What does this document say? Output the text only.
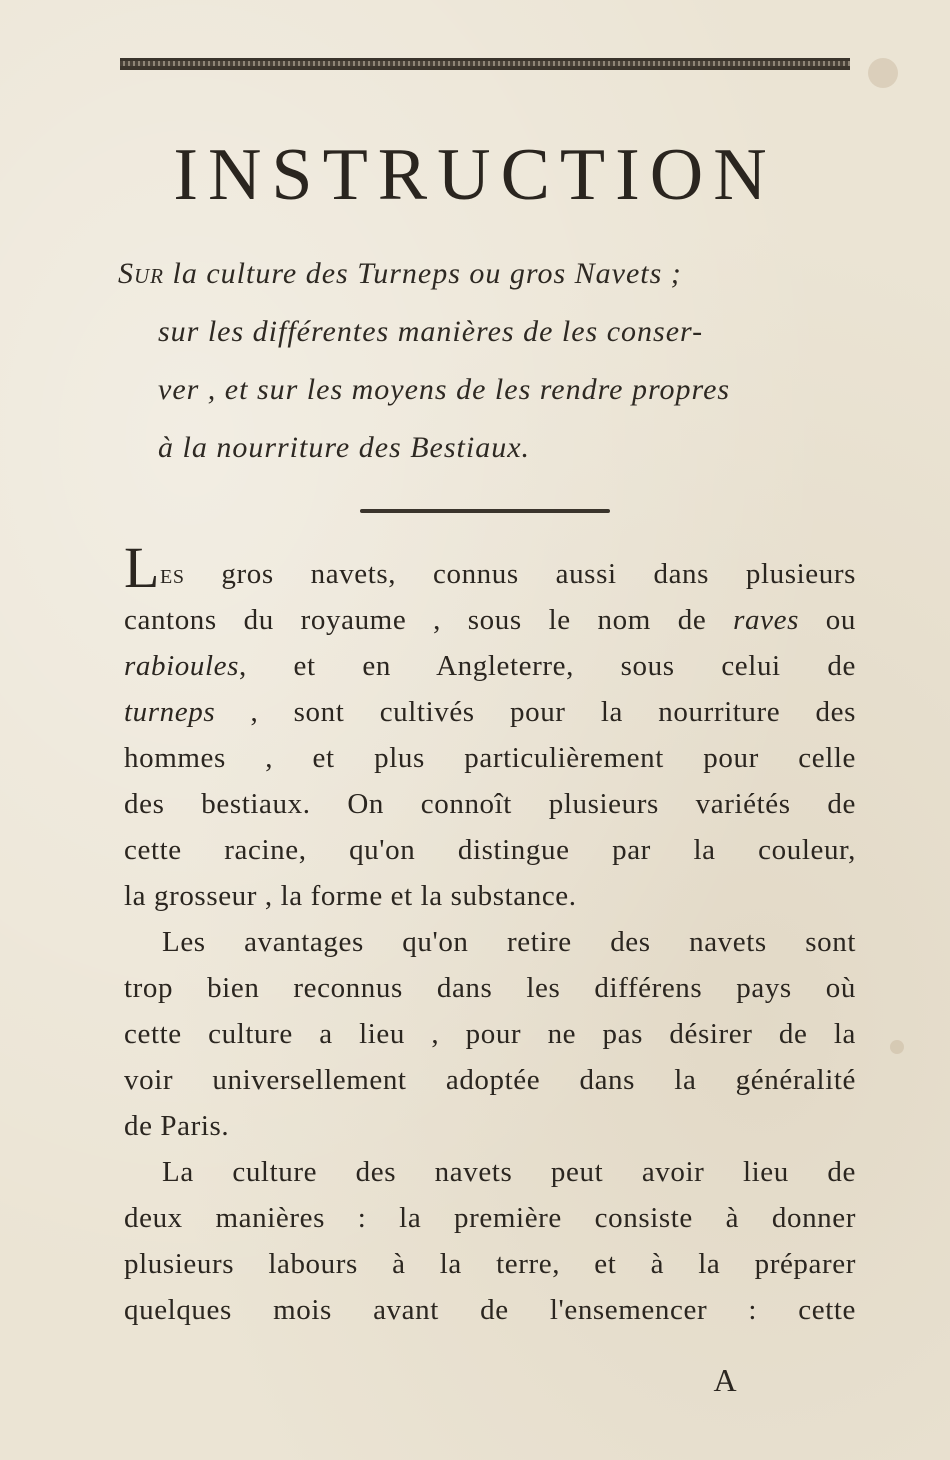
INSTRUCTION
Sur la culture des Turneps ou gros Navets ;
sur les différentes manières de les conser-
ver , et sur les moyens de les rendre propres
à la nourriture des Bestiaux.
Les gros navets, connus aussi dans plusieurs
cantons du royaume , sous le nom de raves ou
rabioules, et en Angleterre, sous celui de
turneps , sont cultivés pour la nourriture des
hommes , et plus particulièrement pour celle
des bestiaux. On connoît plusieurs variétés de
cette racine, qu'on distingue par la couleur,
la grosseur , la forme et la substance.
Les avantages qu'on retire des navets sont
trop bien reconnus dans les différens pays où
cette culture a lieu , pour ne pas désirer de la
voir universellement adoptée dans la généralité
de Paris.
La culture des navets peut avoir lieu de
deux manières : la première consiste à donner
plusieurs labours à la terre, et à la préparer
quelques mois avant de l'ensemencer : cette
A
